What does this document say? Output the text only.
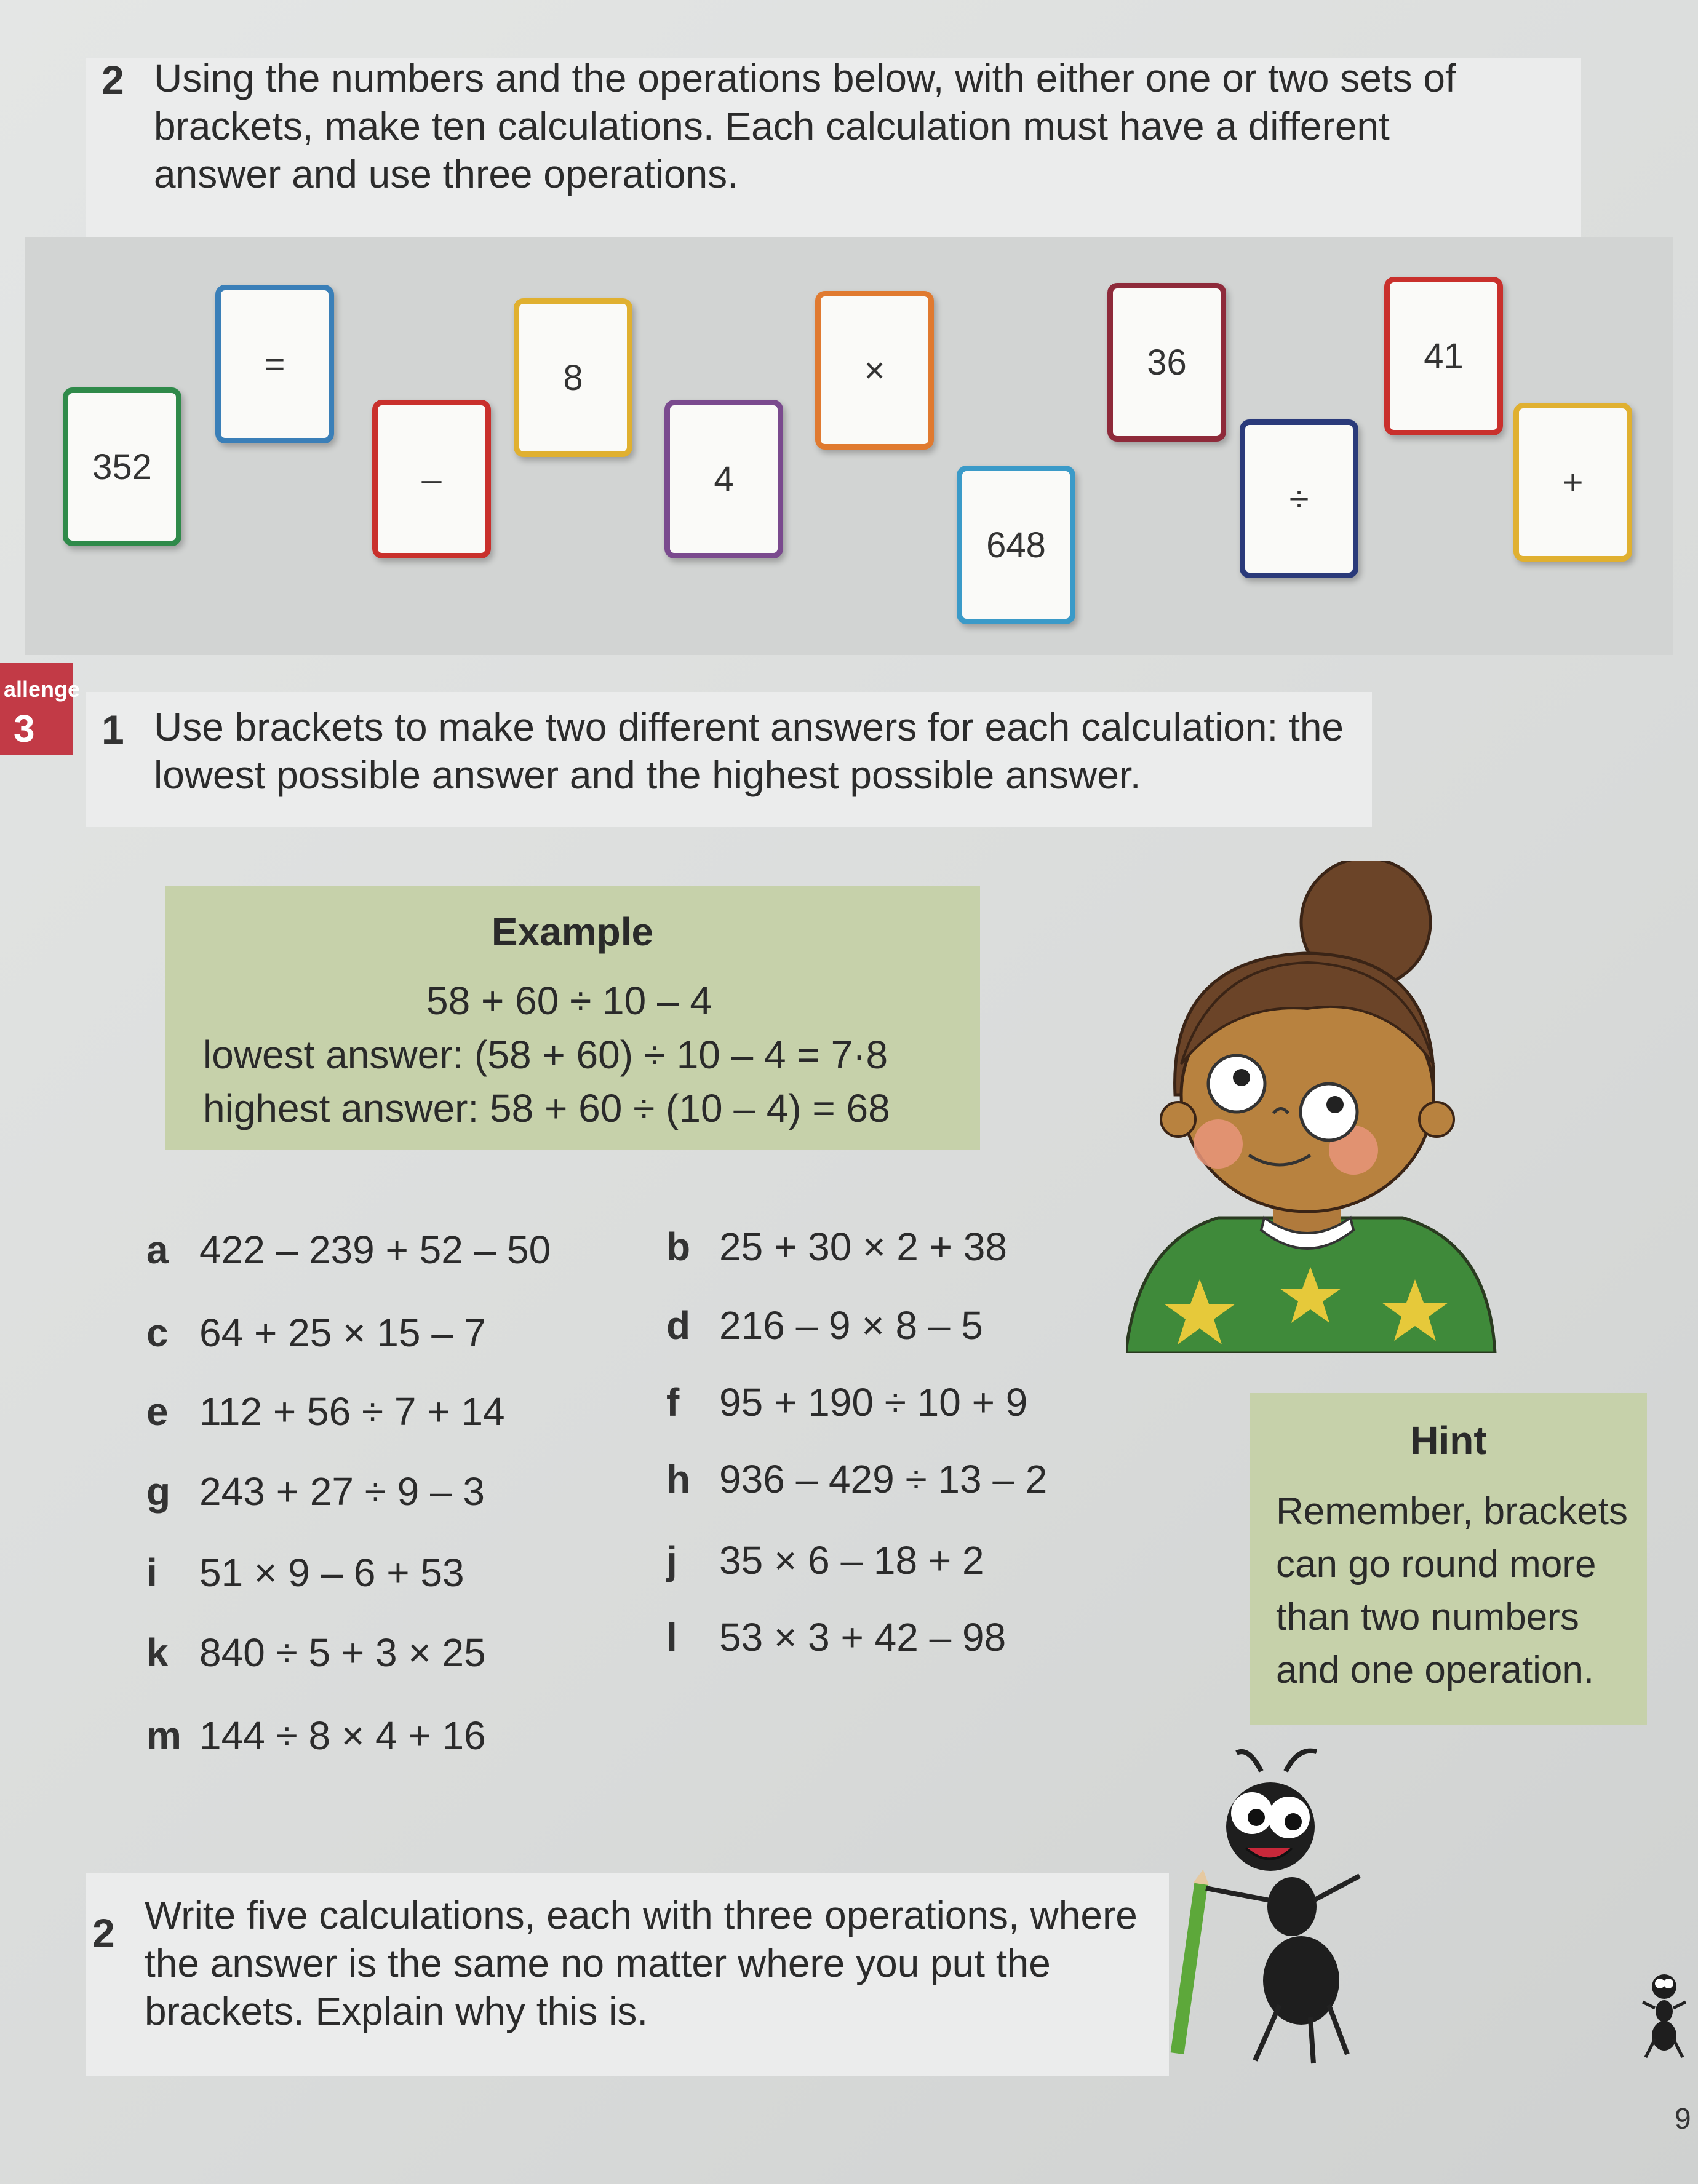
2 Using the numbers and the operations below, with either one or two sets of brackets, make ten calculations. Each calculation must have a different answer and use three operations.
352
=
–
8
4
×
648
36
÷
41
+
allenge
3 1 Use brackets to make two different answers for each calculation: the lowest possible answer and the highest possible answer.
Example
58 + 60 ÷ 10 – 4
lowest answer: (58 + 60) ÷ 10 – 4 = 7·8
highest answer: 58 + 60 ÷ (10 – 4) = 68
a 422 – 239 + 52 – 50	b 25 + 30 × 2 + 38
c 64 + 25 × 15 – 7	d 216 – 9 × 8 – 5
e 112 + 56 ÷ 7 + 14	f 95 + 190 ÷ 10 + 9
g 243 + 27 ÷ 9 – 3	h 936 – 429 ÷ 13 – 2
i 51 × 9 – 6 + 53	j 35 × 6 – 18 + 2
k 840 ÷ 5 + 3 × 25	l 53 × 3 + 42 – 98
m 144 ÷ 8 × 4 + 16
Hint
Remember, brackets can go round more than two numbers and one operation.
2 Write five calculations, each with three operations, where the answer is the same no matter where you put the brackets. Explain why this is.
9
